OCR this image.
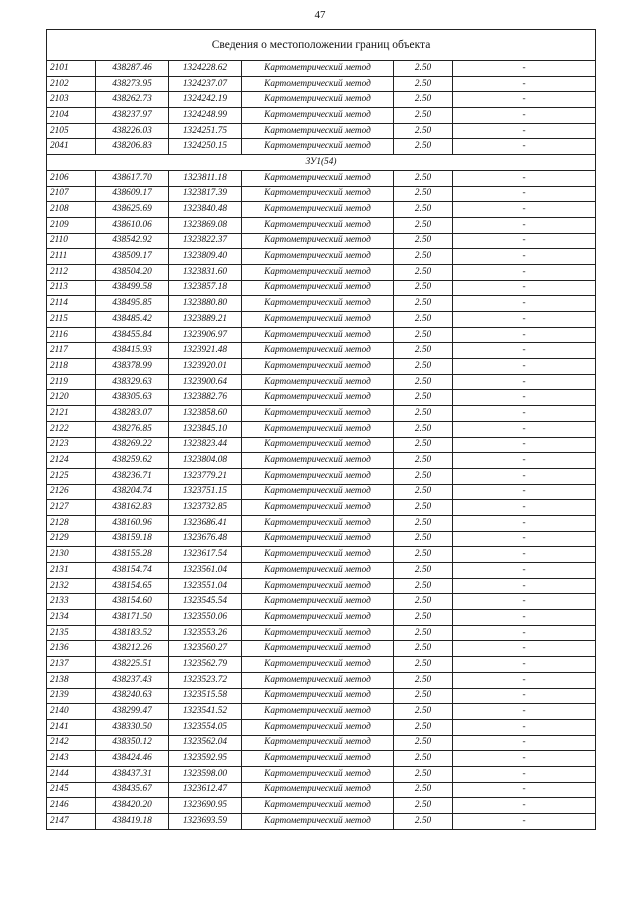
47
Сведения о местоположении границ объекта					
2101	438287.46	1324228.62	Картометрический метод	2.50	-
2102	438273.95	1324237.07	Картометрический метод	2.50	-
2103	438262.73	1324242.19	Картометрический метод	2.50	-
2104	438237.97	1324248.99	Картометрический метод	2.50	-
2105	438226.03	1324251.75	Картометрический метод	2.50	-
2041	438206.83	1324250.15	Картометрический метод	2.50	-
ЗУ1(54)					
2106	438617.70	1323811.18	Картометрический метод	2.50	-
2107	438609.17	1323817.39	Картометрический метод	2.50	-
2108	438625.69	1323840.48	Картометрический метод	2.50	-
2109	438610.06	1323869.08	Картометрический метод	2.50	-
2110	438542.92	1323822.37	Картометрический метод	2.50	-
2111	438509.17	1323809.40	Картометрический метод	2.50	-
2112	438504.20	1323831.60	Картометрический метод	2.50	-
2113	438499.58	1323857.18	Картометрический метод	2.50	-
2114	438495.85	1323880.80	Картометрический метод	2.50	-
2115	438485.42	1323889.21	Картометрический метод	2.50	-
2116	438455.84	1323906.97	Картометрический метод	2.50	-
2117	438415.93	1323921.48	Картометрический метод	2.50	-
2118	438378.99	1323920.01	Картометрический метод	2.50	-
2119	438329.63	1323900.64	Картометрический метод	2.50	-
2120	438305.63	1323882.76	Картометрический метод	2.50	-
2121	438283.07	1323858.60	Картометрический метод	2.50	-
2122	438276.85	1323845.10	Картометрический метод	2.50	-
2123	438269.22	1323823.44	Картометрический метод	2.50	-
2124	438259.62	1323804.08	Картометрический метод	2.50	-
2125	438236.71	1323779.21	Картометрический метод	2.50	-
2126	438204.74	1323751.15	Картометрический метод	2.50	-
2127	438162.83	1323732.85	Картометрический метод	2.50	-
2128	438160.96	1323686.41	Картометрический метод	2.50	-
2129	438159.18	1323676.48	Картометрический метод	2.50	-
2130	438155.28	1323617.54	Картометрический метод	2.50	-
2131	438154.74	1323561.04	Картометрический метод	2.50	-
2132	438154.65	1323551.04	Картометрический метод	2.50	-
2133	438154.60	1323545.54	Картометрический метод	2.50	-
2134	438171.50	1323550.06	Картометрический метод	2.50	-
2135	438183.52	1323553.26	Картометрический метод	2.50	-
2136	438212.26	1323560.27	Картометрический метод	2.50	-
2137	438225.51	1323562.79	Картометрический метод	2.50	-
2138	438237.43	1323523.72	Картометрический метод	2.50	-
2139	438240.63	1323515.58	Картометрический метод	2.50	-
2140	438299.47	1323541.52	Картометрический метод	2.50	-
2141	438330.50	1323554.05	Картометрический метод	2.50	-
2142	438350.12	1323562.04	Картометрический метод	2.50	-
2143	438424.46	1323592.95	Картометрический метод	2.50	-
2144	438437.31	1323598.00	Картометрический метод	2.50	-
2145	438435.67	1323612.47	Картометрический метод	2.50	-
2146	438420.20	1323690.95	Картометрический метод	2.50	-
2147	438419.18	1323693.59	Картометрический метод	2.50	-
